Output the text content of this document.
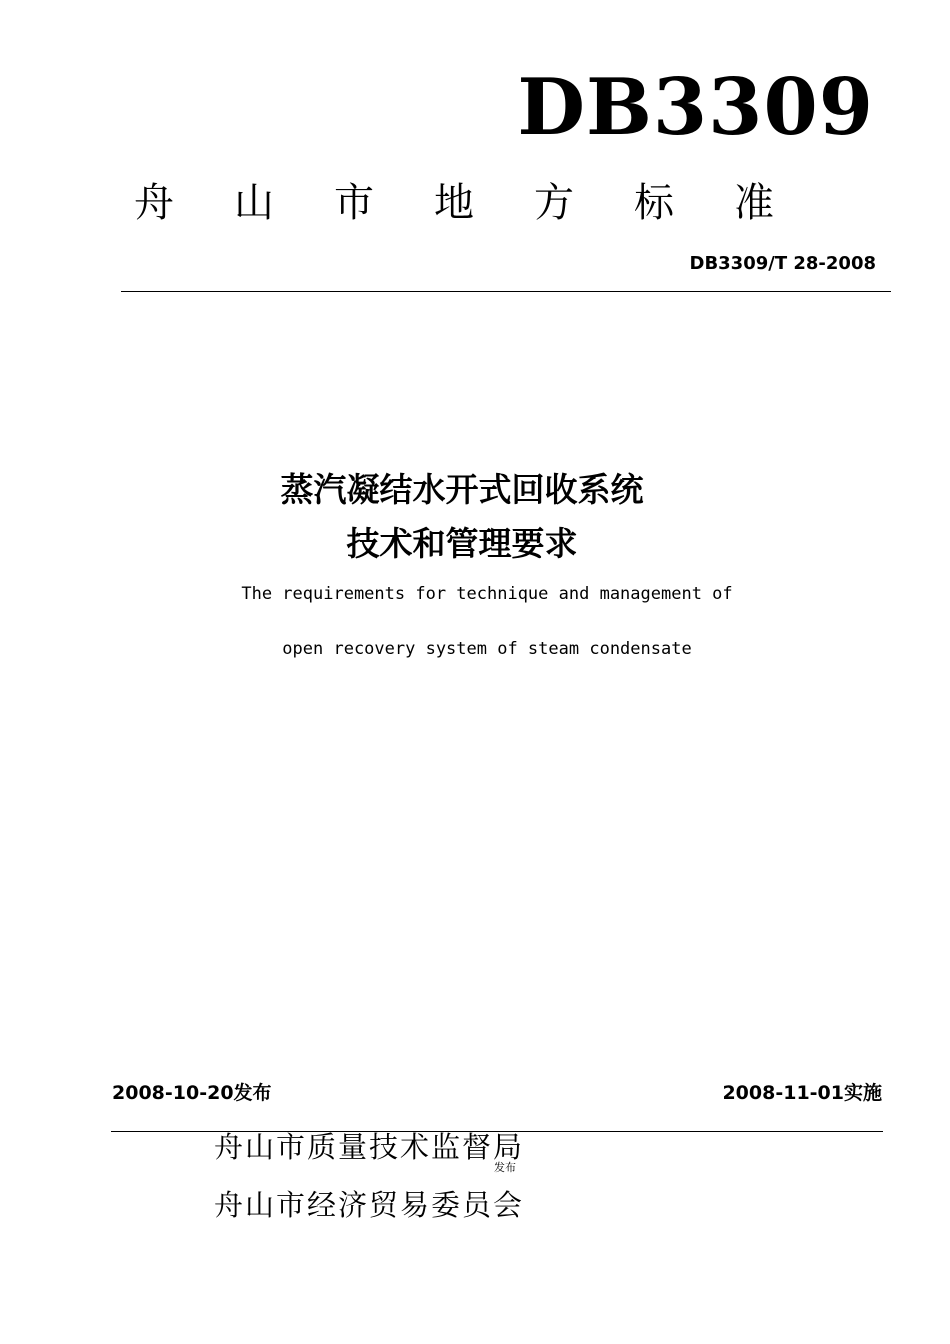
DB3309
舟 山 市 地 方 标 准
DB3309/T 28-2008
蒸汽凝结水开式回收系统
技术和管理要求
The requirements for technique and management of
open recovery system of steam condensate
2008-10-20发布	2008-11-01实施
舟山市质量技术监督局
发布
舟山市经济贸易委员会
